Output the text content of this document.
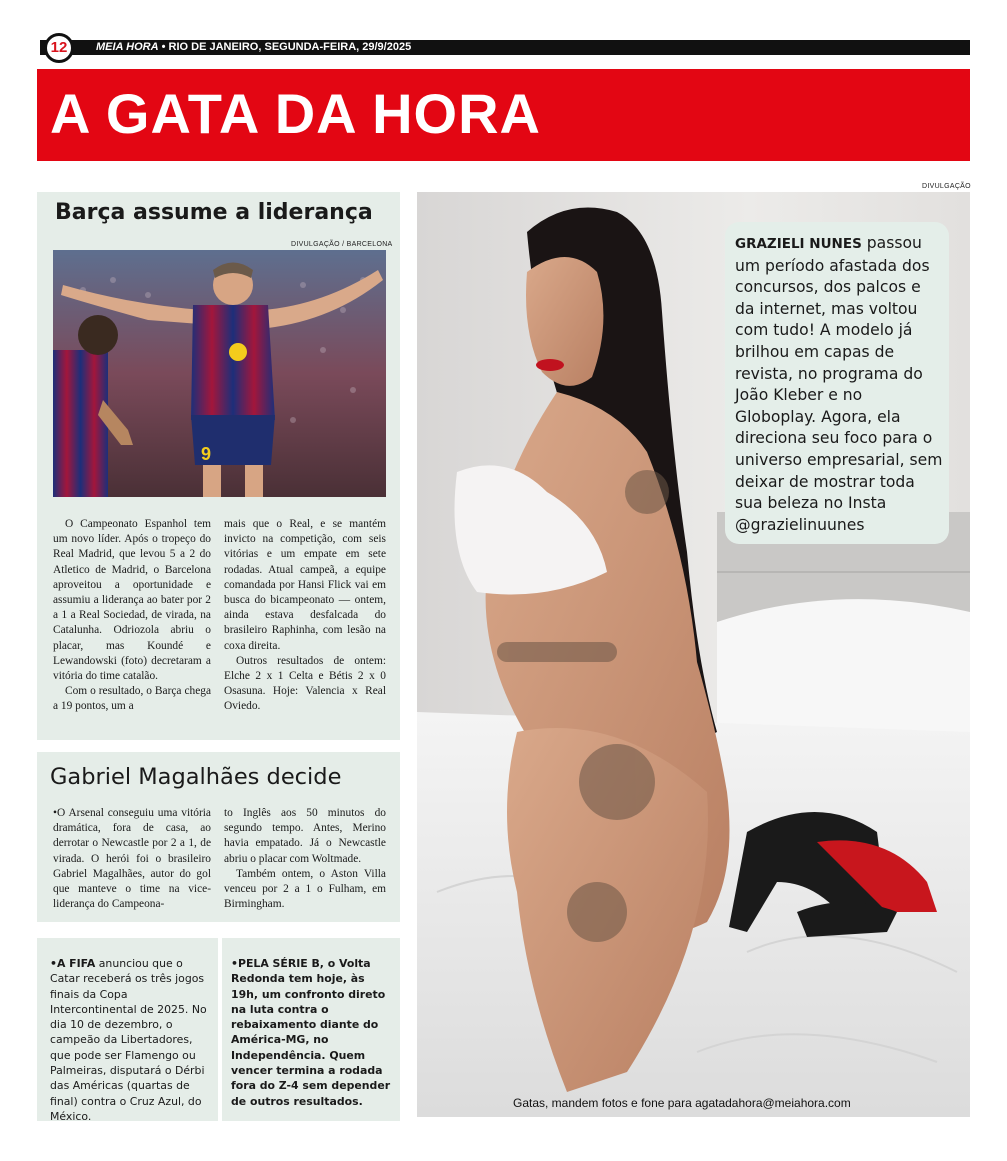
12	MEIA HORA • RIO DE JANEIRO, SEGUNDA-FEIRA, 29/9/2025
A GATA DA HORA
DIVULGAÇÃO
Barça assume a liderança
DIVULGAÇÃO / BARCELONA
9

O Campeonato Espanhol tem um novo líder. Após o tropeço do Real Madrid, que levou 5 a 2 do Atletico de Madrid, o Barcelona aproveitou a oportunidade e assumiu a liderança ao bater por 2 a 1 a Real Sociedad, de virada, na Catalunha. Odriozola abriu o placar, mas Koundé e Lewandowski (foto) decretaram a vitória do time catalão.

Com o resultado, o Barça chega a 19 pontos, um a

mais que o Real, e se mantém invicto na competição, com seis vitórias e um empate em sete rodadas. Atual campeã, a equipe comandada por Hansi Flick vai em busca do bicampeonato — ontem, ainda estava desfalcada do brasileiro Raphinha, com lesão na coxa direita.

Outros resultados de ontem: Elche 2 x 1 Celta e Bétis 2 x 0 Osasuna. Hoje: Valencia x Real Oviedo.

Gabriel Magalhães decide

•O Arsenal conseguiu uma vitória dramática, fora de casa, ao derrotar o Newcastle por 2 a 1, de virada. O herói foi o brasileiro Gabriel Magalhães, autor do gol que manteve o time na vice-liderança do Campeona-

to Inglês aos 50 minutos do segundo tempo. Antes, Merino havia empatado. Já o Newcastle abriu o placar com Woltmade.

Também ontem, o Aston Villa venceu por 2 a 1 o Fulham, em Birmingham.

•A FIFA anunciou que o Catar receberá os três jogos finais da Copa Intercontinental de 2025. No dia 10 de dezembro, o campeão da Libertadores, que pode ser Flamengo ou Palmeiras, disputará o Dérbi das Américas (quartas de final) contra o Cruz Azul, do México.
•PELA SÉRIE B, o Volta Redonda tem hoje, às 19h, um confronto direto na luta contra o rebaixamento diante do América-MG, no Independência. Quem vencer termina a rodada fora do Z-4 sem depender de outros resultados.
GRAZIELI NUNES passou um período afastada dos concursos, dos palcos e da internet, mas voltou com tudo! A modelo já brilhou em capas de revista, no programa do João Kleber e no Globoplay. Agora, ela direciona seu foco para o universo empresarial, sem deixar de mostrar toda sua beleza no Insta @grazielinuunes
Gatas, mandem fotos e fone para agatadahora@meiahora.com
